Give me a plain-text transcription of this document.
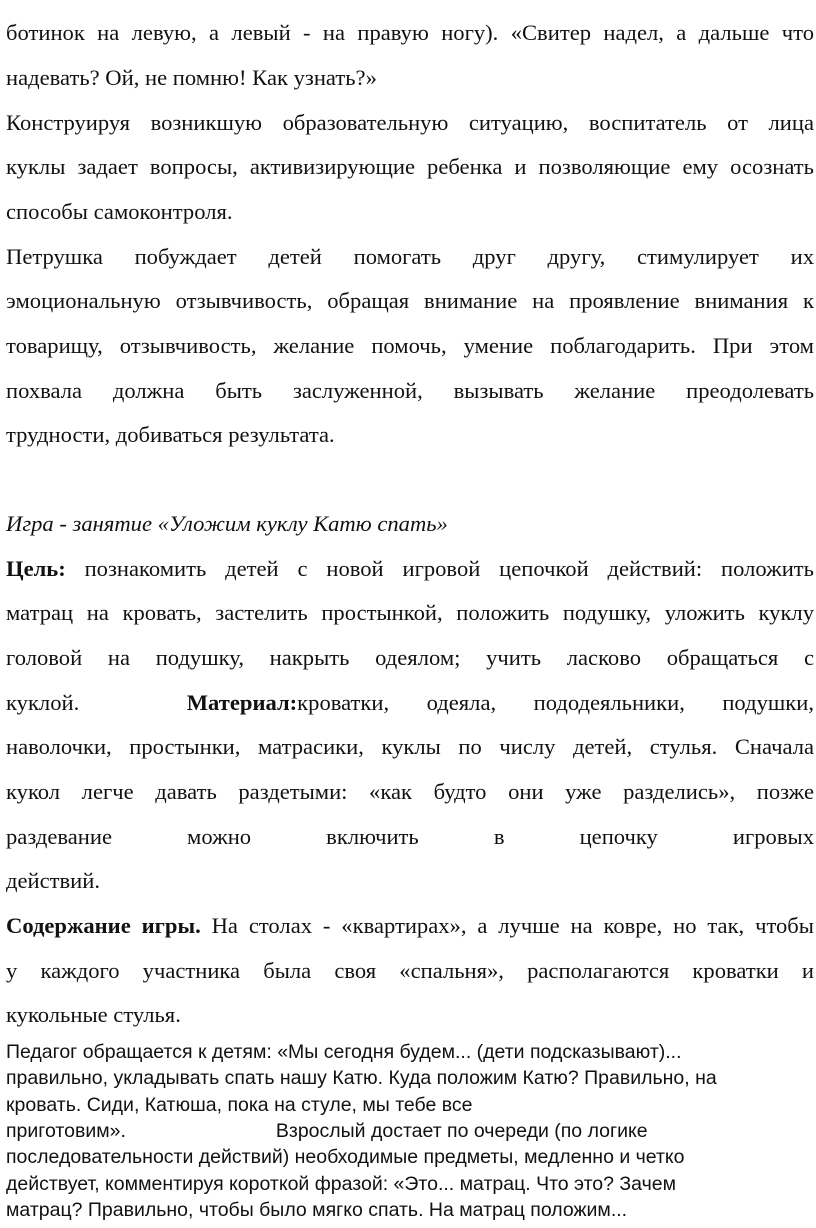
ботинок на левую, а левый - на правую ногу). «Свитер надел, а дальше что
надевать? Ой, не помню! Как узнать?»
Конструируя возникшую образовательную ситуацию, воспитатель от лица
куклы задает вопросы, активизирующие ребенка и позволяющие ему осознать
способы самоконтроля.
Петрушка побуждает детей помогать друг другу, стимулирует их
эмоциональную отзывчивость, обращая внимание на проявление внимания к
товарищу, отзывчивость, желание помочь, умение поблагодарить. При этом
похвала должна быть заслуженной, вызывать желание преодолевать
трудности, добиваться результата.
Игра - занятие «Уложим куклу Катю спать»
Цель: познакомить детей с новой игровой цепочкой действий: положить
матрац на кровать, застелить простынкой, положить подушку, уложить куклу
головой на подушку, накрыть одеялом; учить ласково обращаться с
куклой.	Материал:кроватки, одеяла, пододеяльники, подушки,
наволочки, простынки, матрасики, куклы по числу детей, стулья. Сначала
кукол легче давать раздетыми: «как будто они уже разделись», позже
раздевание можно включить в цепочку игровых
действий.
Содержание игры. На столах - «квартирах», а лучше на ковре, но так, чтобы
у каждого участника была своя «спальня», располагаются кроватки и
кукольные стулья.
Педагог обращается к детям: «Мы сегодня будем... (дети подсказывают)...
правильно, укладывать спать нашу Катю. Куда положим Катю? Правильно, на
кровать. Сиди, Катюша, пока на стуле, мы тебе все
приготовим».	Взрослый достает по очереди (по логике
последовательности действий) необходимые предметы, медленно и четко
действует, комментируя короткой фразой: «Это... матрац. Что это? Зачем
матрац? Правильно, чтобы было мягко спать. На матрац положим...
